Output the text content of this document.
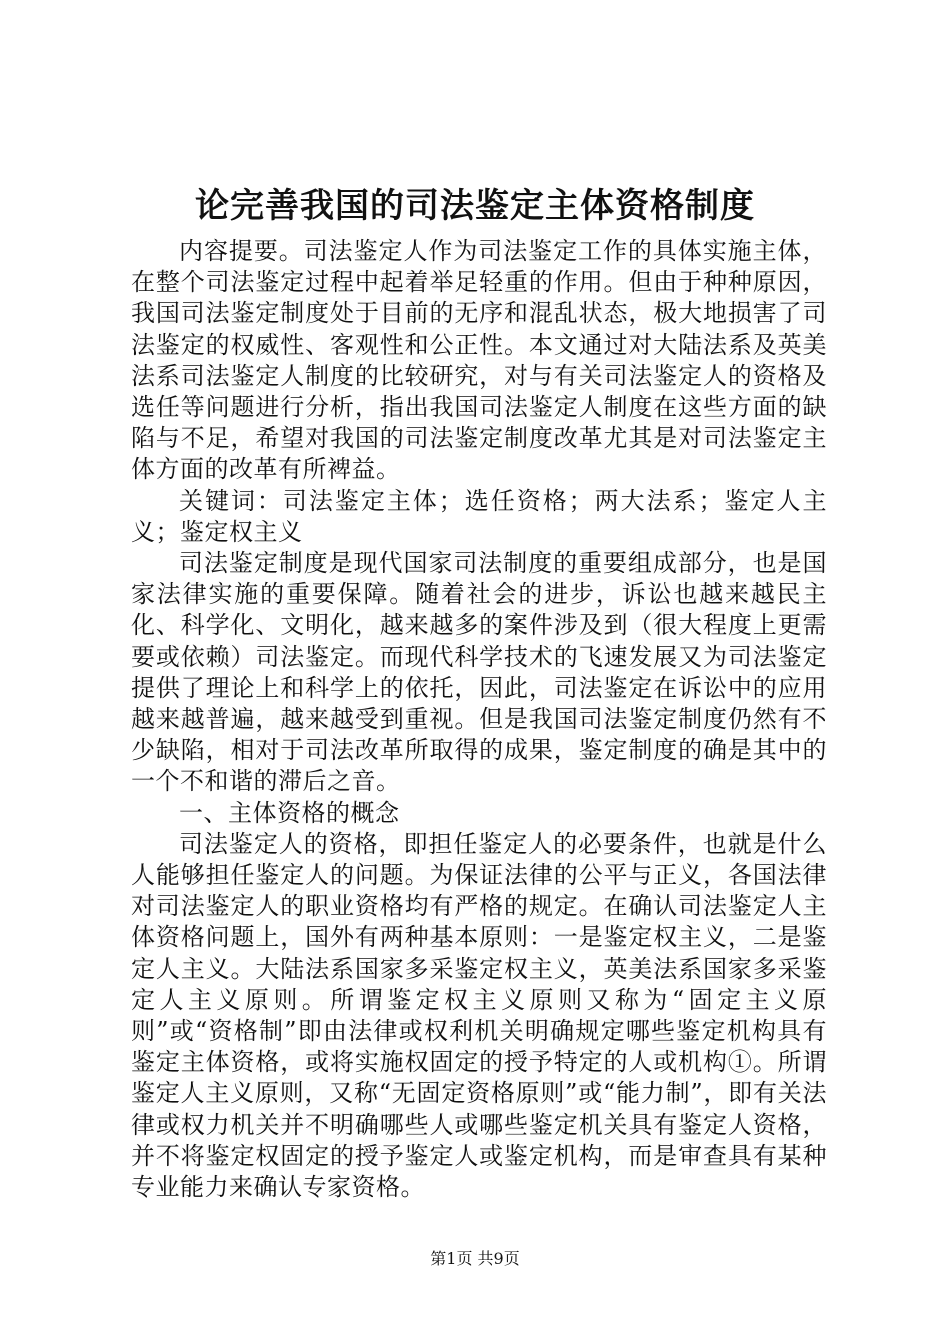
论完善我国的司法鉴定主体资格制度

内容提要。司法鉴定人作为司法鉴定工作的具体实施主体，在整个司法鉴定过程中起着举足轻重的作用。但由于种种原因，我国司法鉴定制度处于目前的无序和混乱状态，极大地损害了司法鉴定的权威性、客观性和公正性。本文通过对大陆法系及英美法系司法鉴定人制度的比较研究，对与有关司法鉴定人的资格及选任等问题进行分析，指出我国司法鉴定人制度在这些方面的缺陷与不足，希望对我国的司法鉴定制度改革尤其是对司法鉴定主体方面的改革有所裨益。

关键词：司法鉴定主体；选任资格；两大法系；鉴定人主义；鉴定权主义

司法鉴定制度是现代国家司法制度的重要组成部分，也是国家法律实施的重要保障。随着社会的进步，诉讼也越来越民主化、科学化、文明化，越来越多的案件涉及到（很大程度上更需要或依赖）司法鉴定。而现代科学技术的飞速发展又为司法鉴定提供了理论上和科学上的依托，因此，司法鉴定在诉讼中的应用越来越普遍，越来越受到重视。但是我国司法鉴定制度仍然有不少缺陷，相对于司法改革所取得的成果，鉴定制度的确是其中的一个不和谐的滞后之音。

一、主体资格的概念

司法鉴定人的资格，即担任鉴定人的必要条件，也就是什么人能够担任鉴定人的问题。为保证法律的公平与正义，各国法律对司法鉴定人的职业资格均有严格的规定。在确认司法鉴定人主体资格问题上，国外有两种基本原则：一是鉴定权主义，二是鉴定人主义。大陆法系国家多采鉴定权主义，英美法系国家多采鉴定人主义原则。所谓鉴定权主义原则又称为“固定主义原则”或“资格制”即由法律或权利机关明确规定哪些鉴定机构具有鉴定主体资格，或将实施权固定的授予特定的人或机构①。所谓鉴定人主义原则，又称“无固定资格原则”或“能力制”，即有关法律或权力机关并不明确哪些人或哪些鉴定机关具有鉴定人资格，并不将鉴定权固定的授予鉴定人或鉴定机构，而是审查具有某种专业能力来确认专家资格。

第1页 共9页
